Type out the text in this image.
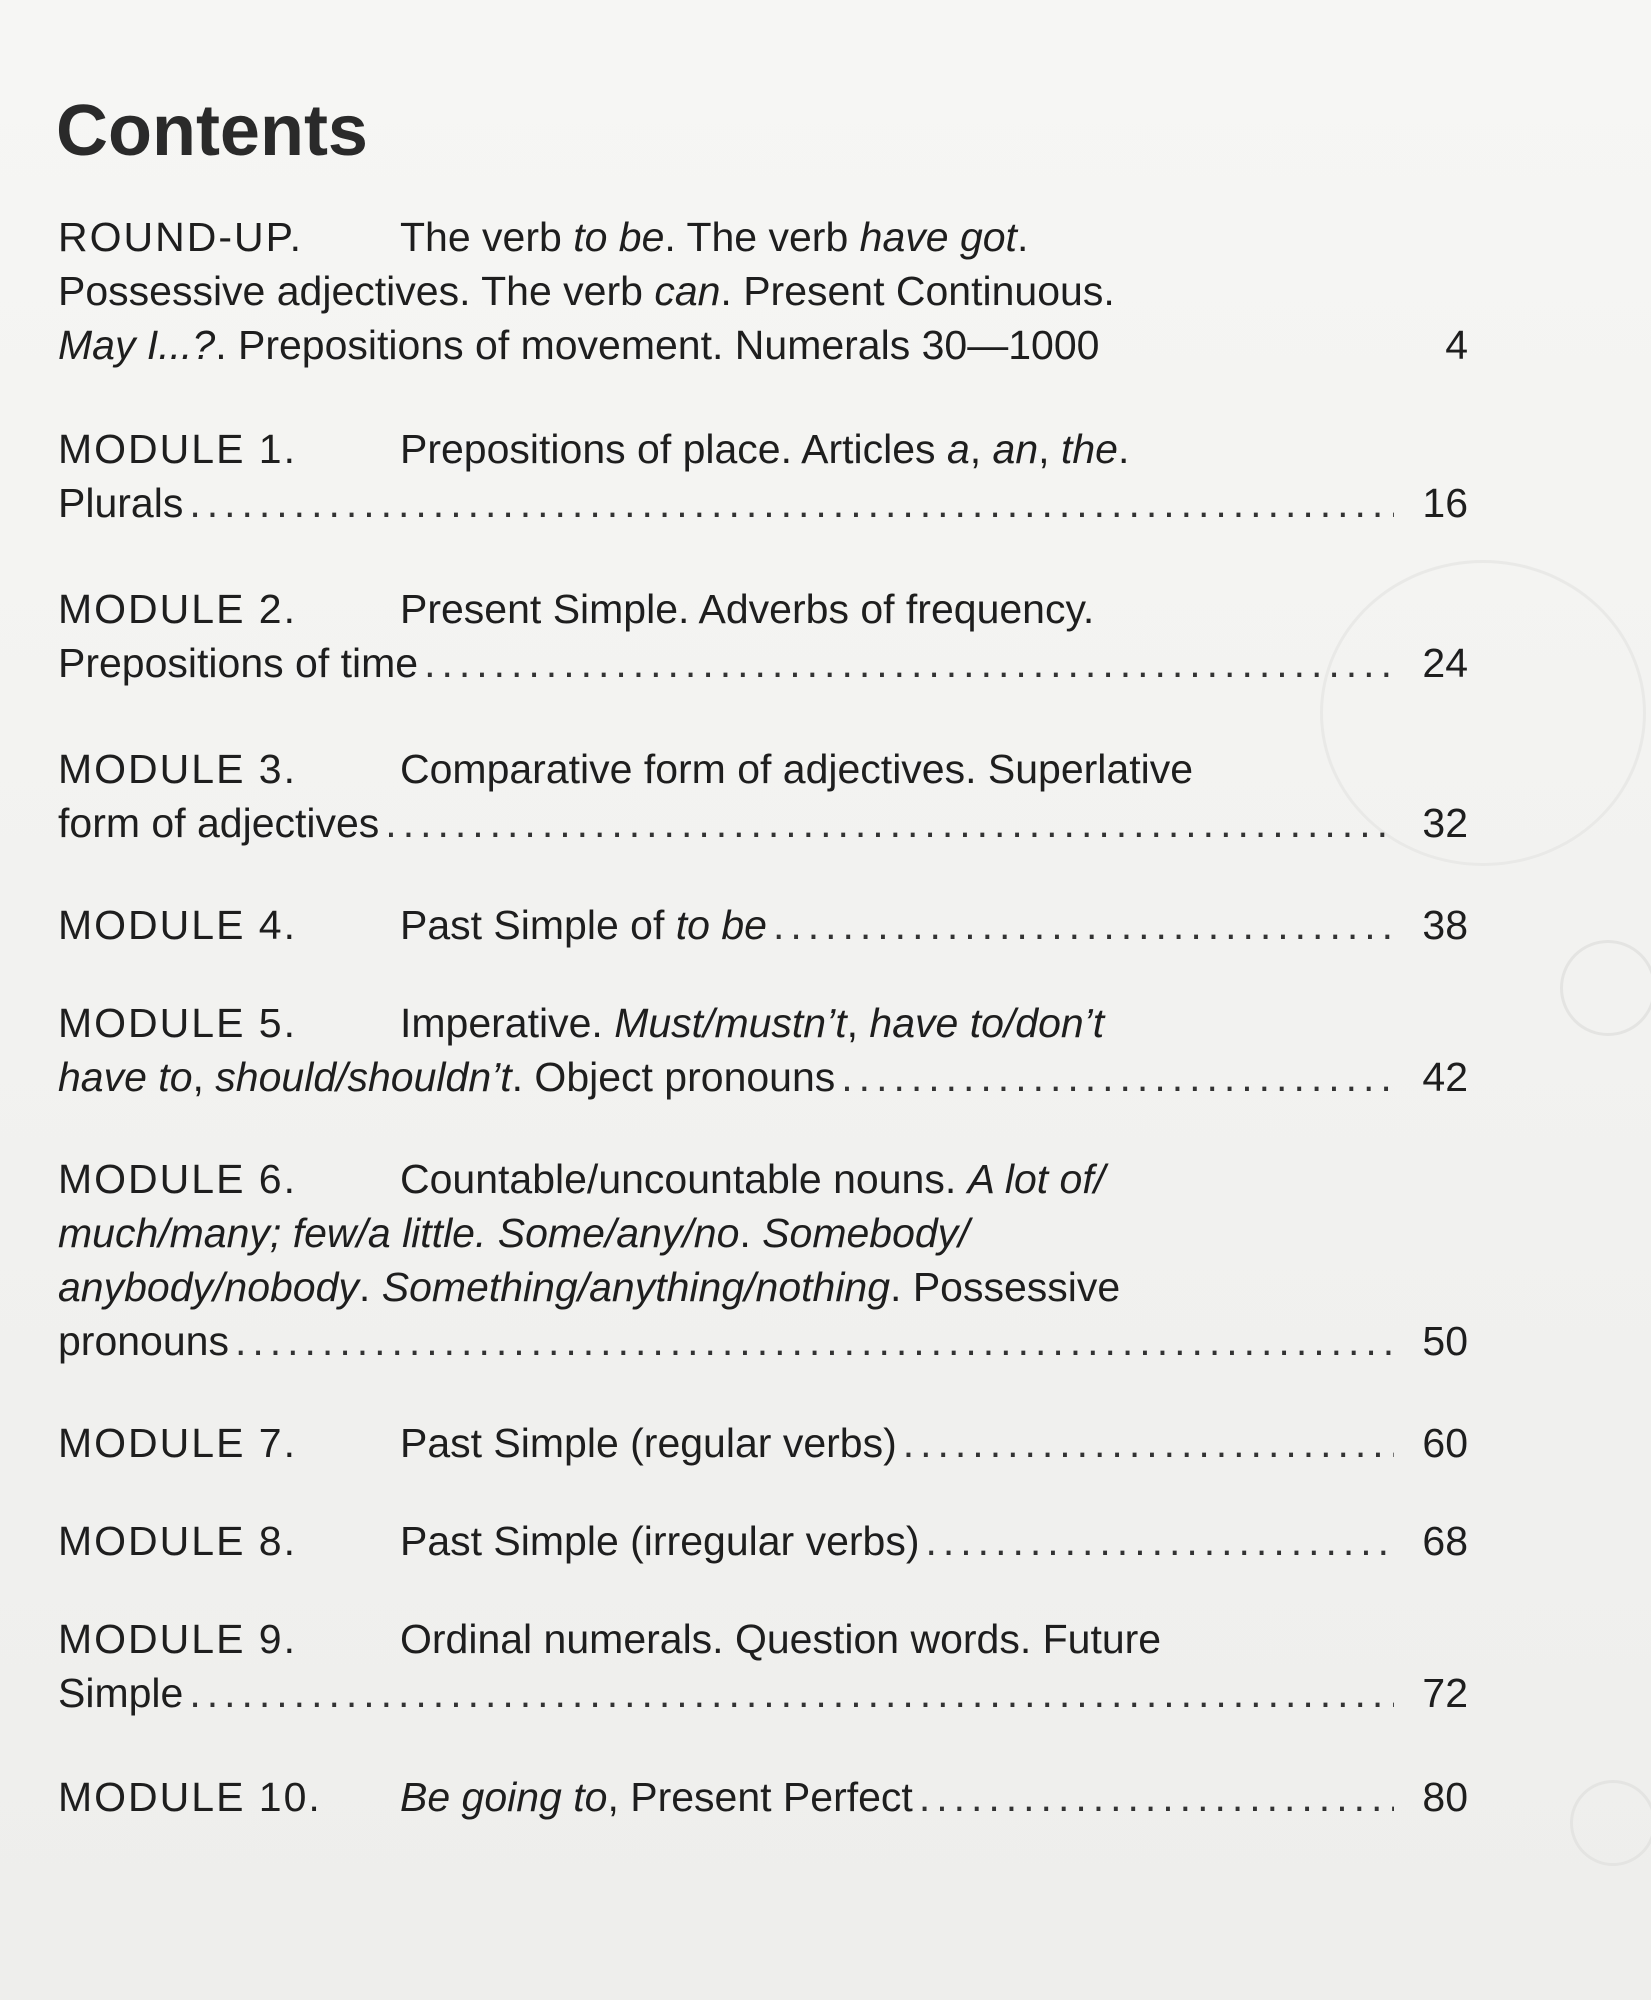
Contents
ROUND-UP.	The verb to be. The verb have got.
Possessive adjectives. The verb can. Present Continuous.
May I...?. Prepositions of movement. Numerals 30—1000	4
MODULE 1.	Prepositions of place. Articles a, an, the.
Plurals .....	16
MODULE 2.	Present Simple. Adverbs of frequency.
Prepositions of time .....	24
MODULE 3.	Comparative form of adjectives. Superlative
form of adjectives .....	32
MODULE 4.	Past Simple of to be .....	38
MODULE 5.	Imperative. Must/mustn’t, have to/don’t
have to, should/shouldn’t. Object pronouns .....	42
MODULE 6.	Countable/uncountable nouns. A lot of/
much/many; few/a little. Some/any/no. Somebody/
anybody/nobody. Something/anything/nothing. Possessive
pronouns .....	50
MODULE 7.	Past Simple (regular verbs) .....	60
MODULE 8.	Past Simple (irregular verbs) .....	68
MODULE 9.	Ordinal numerals. Question words. Future
Simple .....	72
MODULE 10.	Be going to, Present Perfect .....	80
